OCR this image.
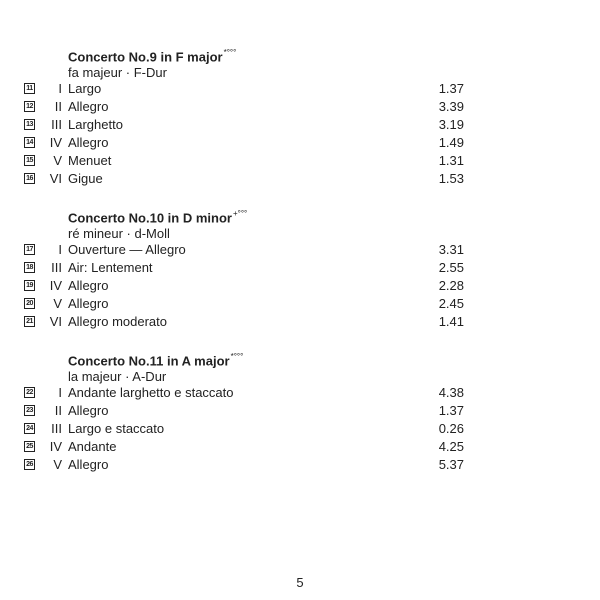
Concerto No.9 in F major*°°°
fa majeur · F-Dur
11 I Largo	1.37
12 II Allegro	3.39
13 III Larghetto	3.19
14 IV Allegro	1.49
15 V Menuet	1.31
16 VI Gigue	1.53
Concerto No.10 in D minor+°°°
ré mineur · d-Moll
17 I Ouverture — Allegro	3.31
18 III Air: Lentement	2.55
19 IV Allegro	2.28
20 V Allegro	2.45
21 VI Allegro moderato	1.41
Concerto No.11 in A major*°°°
la majeur · A-Dur
22 I Andante larghetto e staccato	4.38
23 II Allegro	1.37
24 III Largo e staccato	0.26
25 IV Andante	4.25
26 V Allegro	5.37
5
